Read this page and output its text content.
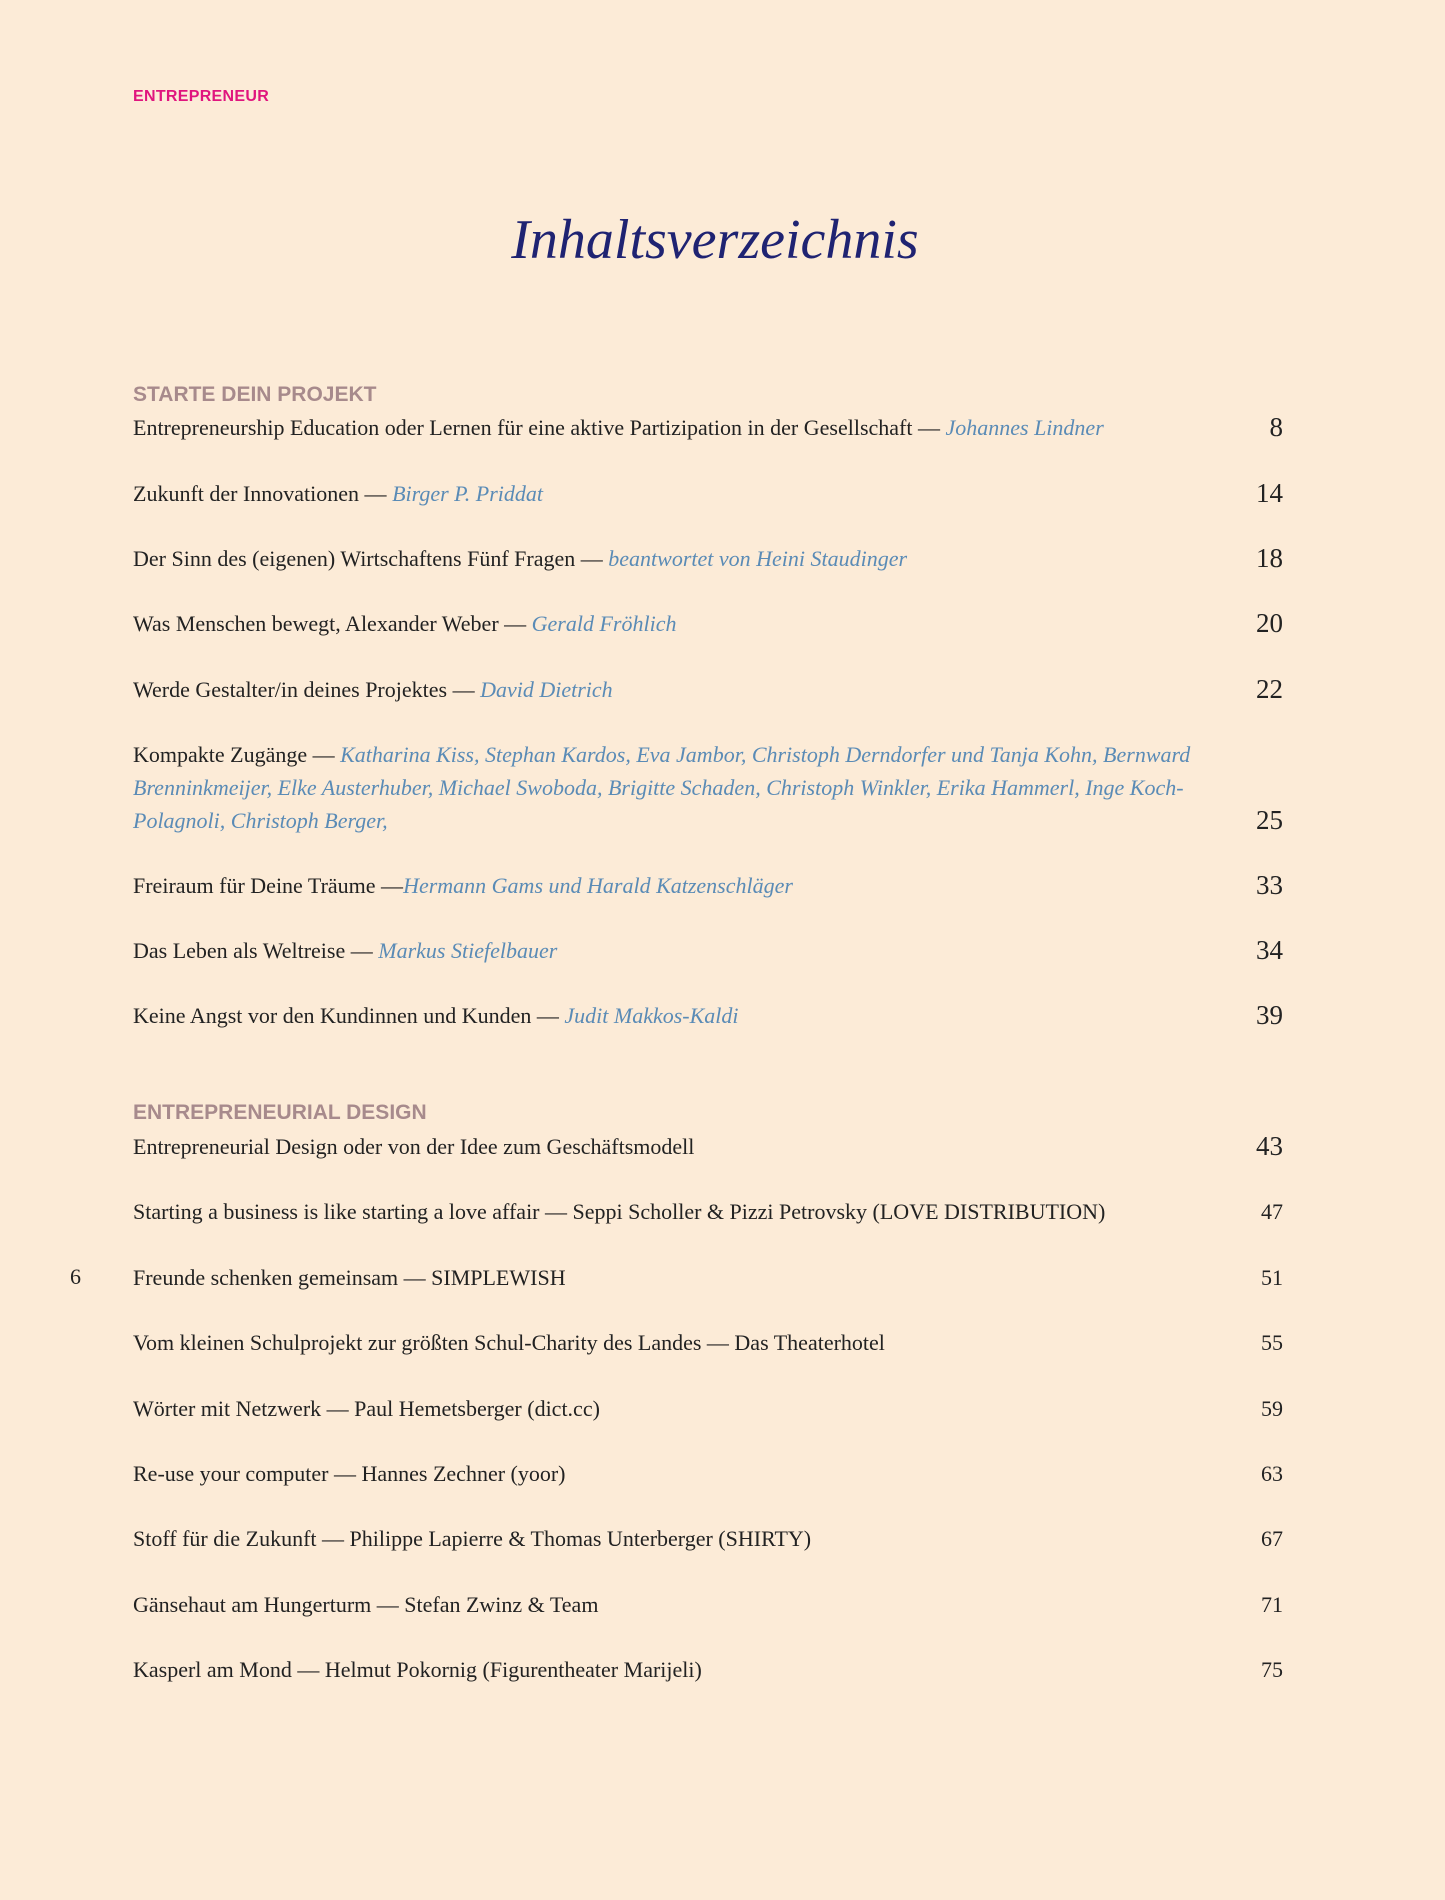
ENTREPRENEUR
Inhaltsverzeichnis
STARTE DEIN PROJEKT
Entrepreneurship Education oder Lernen für eine aktive Partizipation in der Gesellschaft — Johannes Lindner	8
Zukunft der Innovationen — Birger P. Priddat	14
Der Sinn des (eigenen) Wirtschaftens Fünf Fragen — beantwortet von Heini Staudinger	18
Was Menschen bewegt, Alexander Weber — Gerald Fröhlich	20
Werde Gestalter/in deines Projektes — David Dietrich	22
Kompakte Zugänge — Katharina Kiss, Stephan Kardos, Eva Jambor, Christoph Derndorfer und Tanja Kohn, Bernward Brenninkmeijer, Elke Austerhuber, Michael Swoboda, Brigitte Schaden, Christoph Winkler, Erika Hammerl, Inge Koch-Polagnoli, Christoph Berger,	25
Freiraum für Deine Träume —Hermann Gams und Harald Katzenschläger	33
Das Leben als Weltreise — Markus Stiefelbauer	34
Keine Angst vor den Kundinnen und Kunden — Judit Makkos-Kaldi	39
ENTREPRENEURIAL DESIGN
Entrepreneurial Design oder von der Idee zum Geschäftsmodell	43
Starting a business is like starting a love affair — Seppi Scholler & Pizzi Petrovsky (LOVE DISTRIBUTION)	47
Freunde schenken gemeinsam — SIMPLEWISH	51
Vom kleinen Schulprojekt zur größten Schul-Charity des Landes — Das Theaterhotel	55
Wörter mit Netzwerk — Paul Hemetsberger (dict.cc)	59
Re-use your computer — Hannes Zechner (yoor)	63
Stoff für die Zukunft — Philippe Lapierre & Thomas Unterberger (SHIRTY)	67
Gänsehaut am Hungerturm — Stefan Zwinz & Team	71
Kasperl am Mond — Helmut Pokornig (Figurentheater Marijeli)	75
6
